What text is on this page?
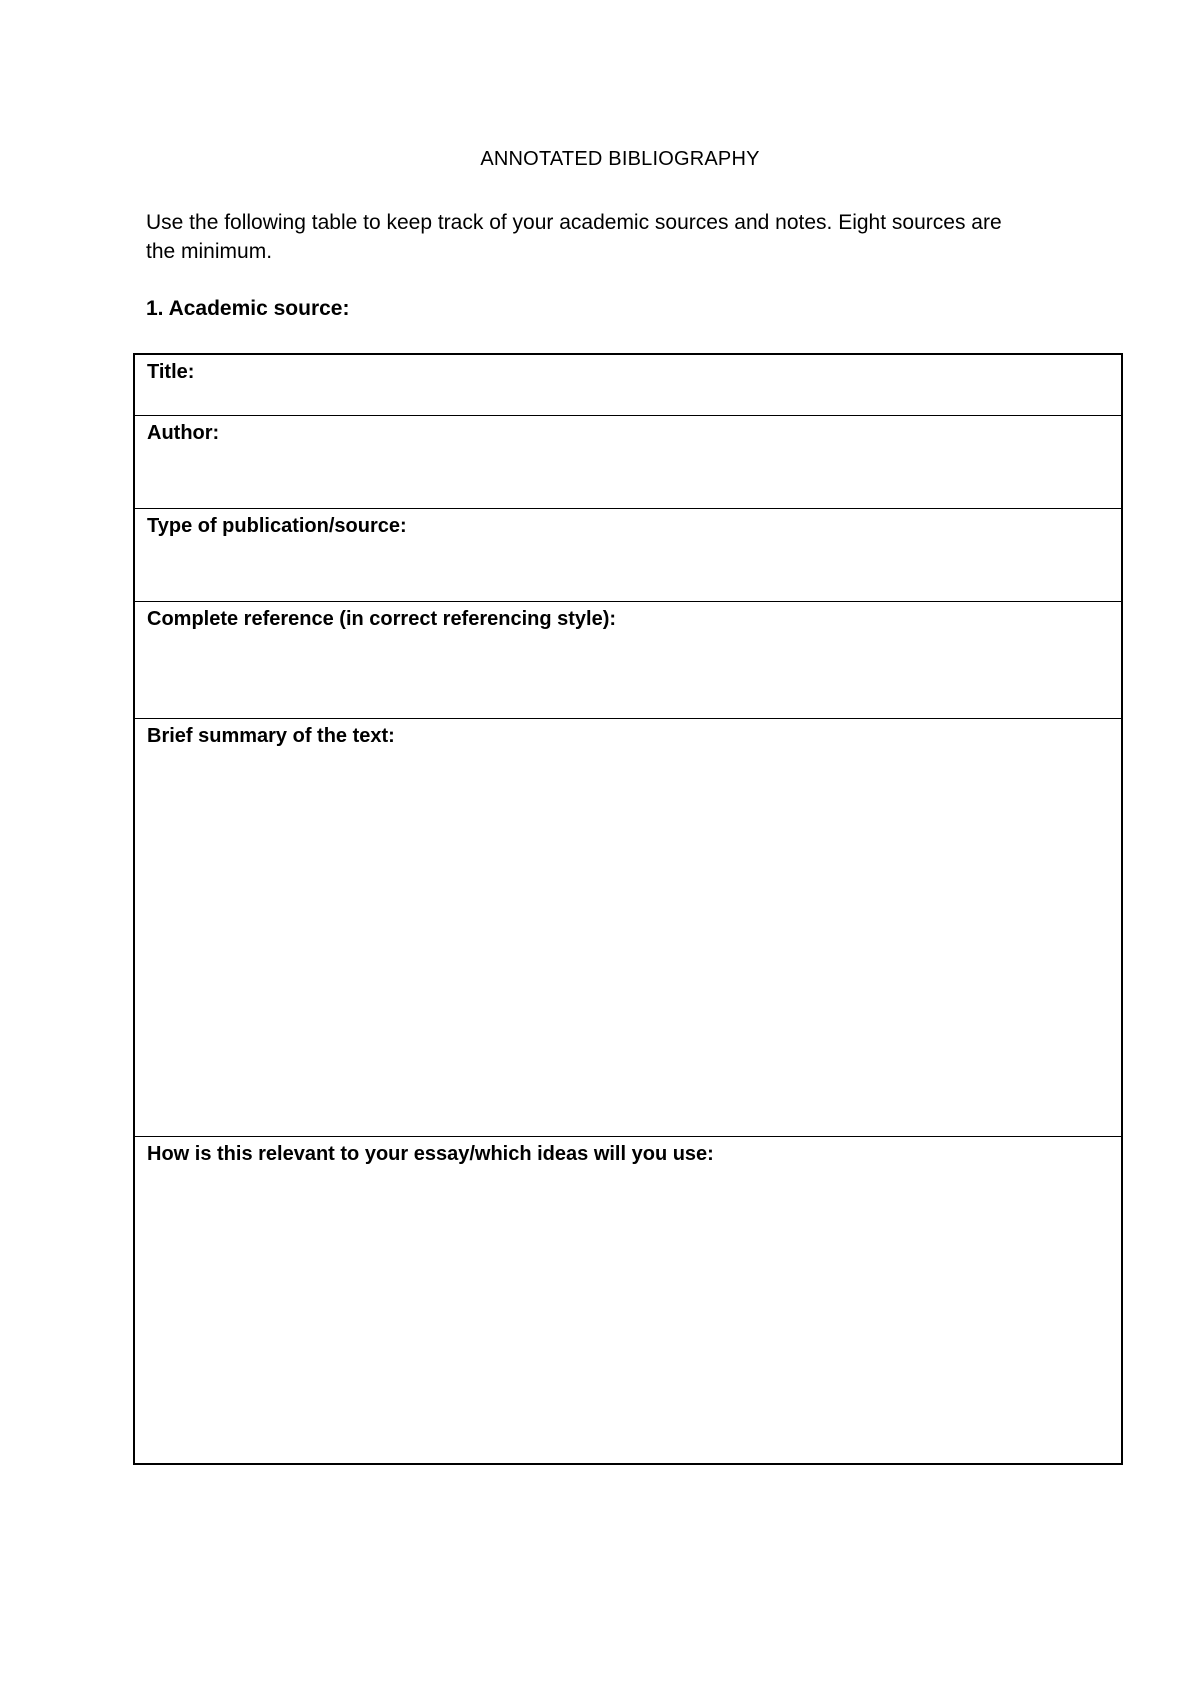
ANNOTATED BIBLIOGRAPHY
Use the following table to keep track of your academic sources and notes. Eight sources are
the minimum.
1. Academic source:
Title:
Author:
Type of publication/source:
Complete reference (in correct referencing style):
Brief summary of the text:
How is this relevant to your essay/which ideas will you use:
